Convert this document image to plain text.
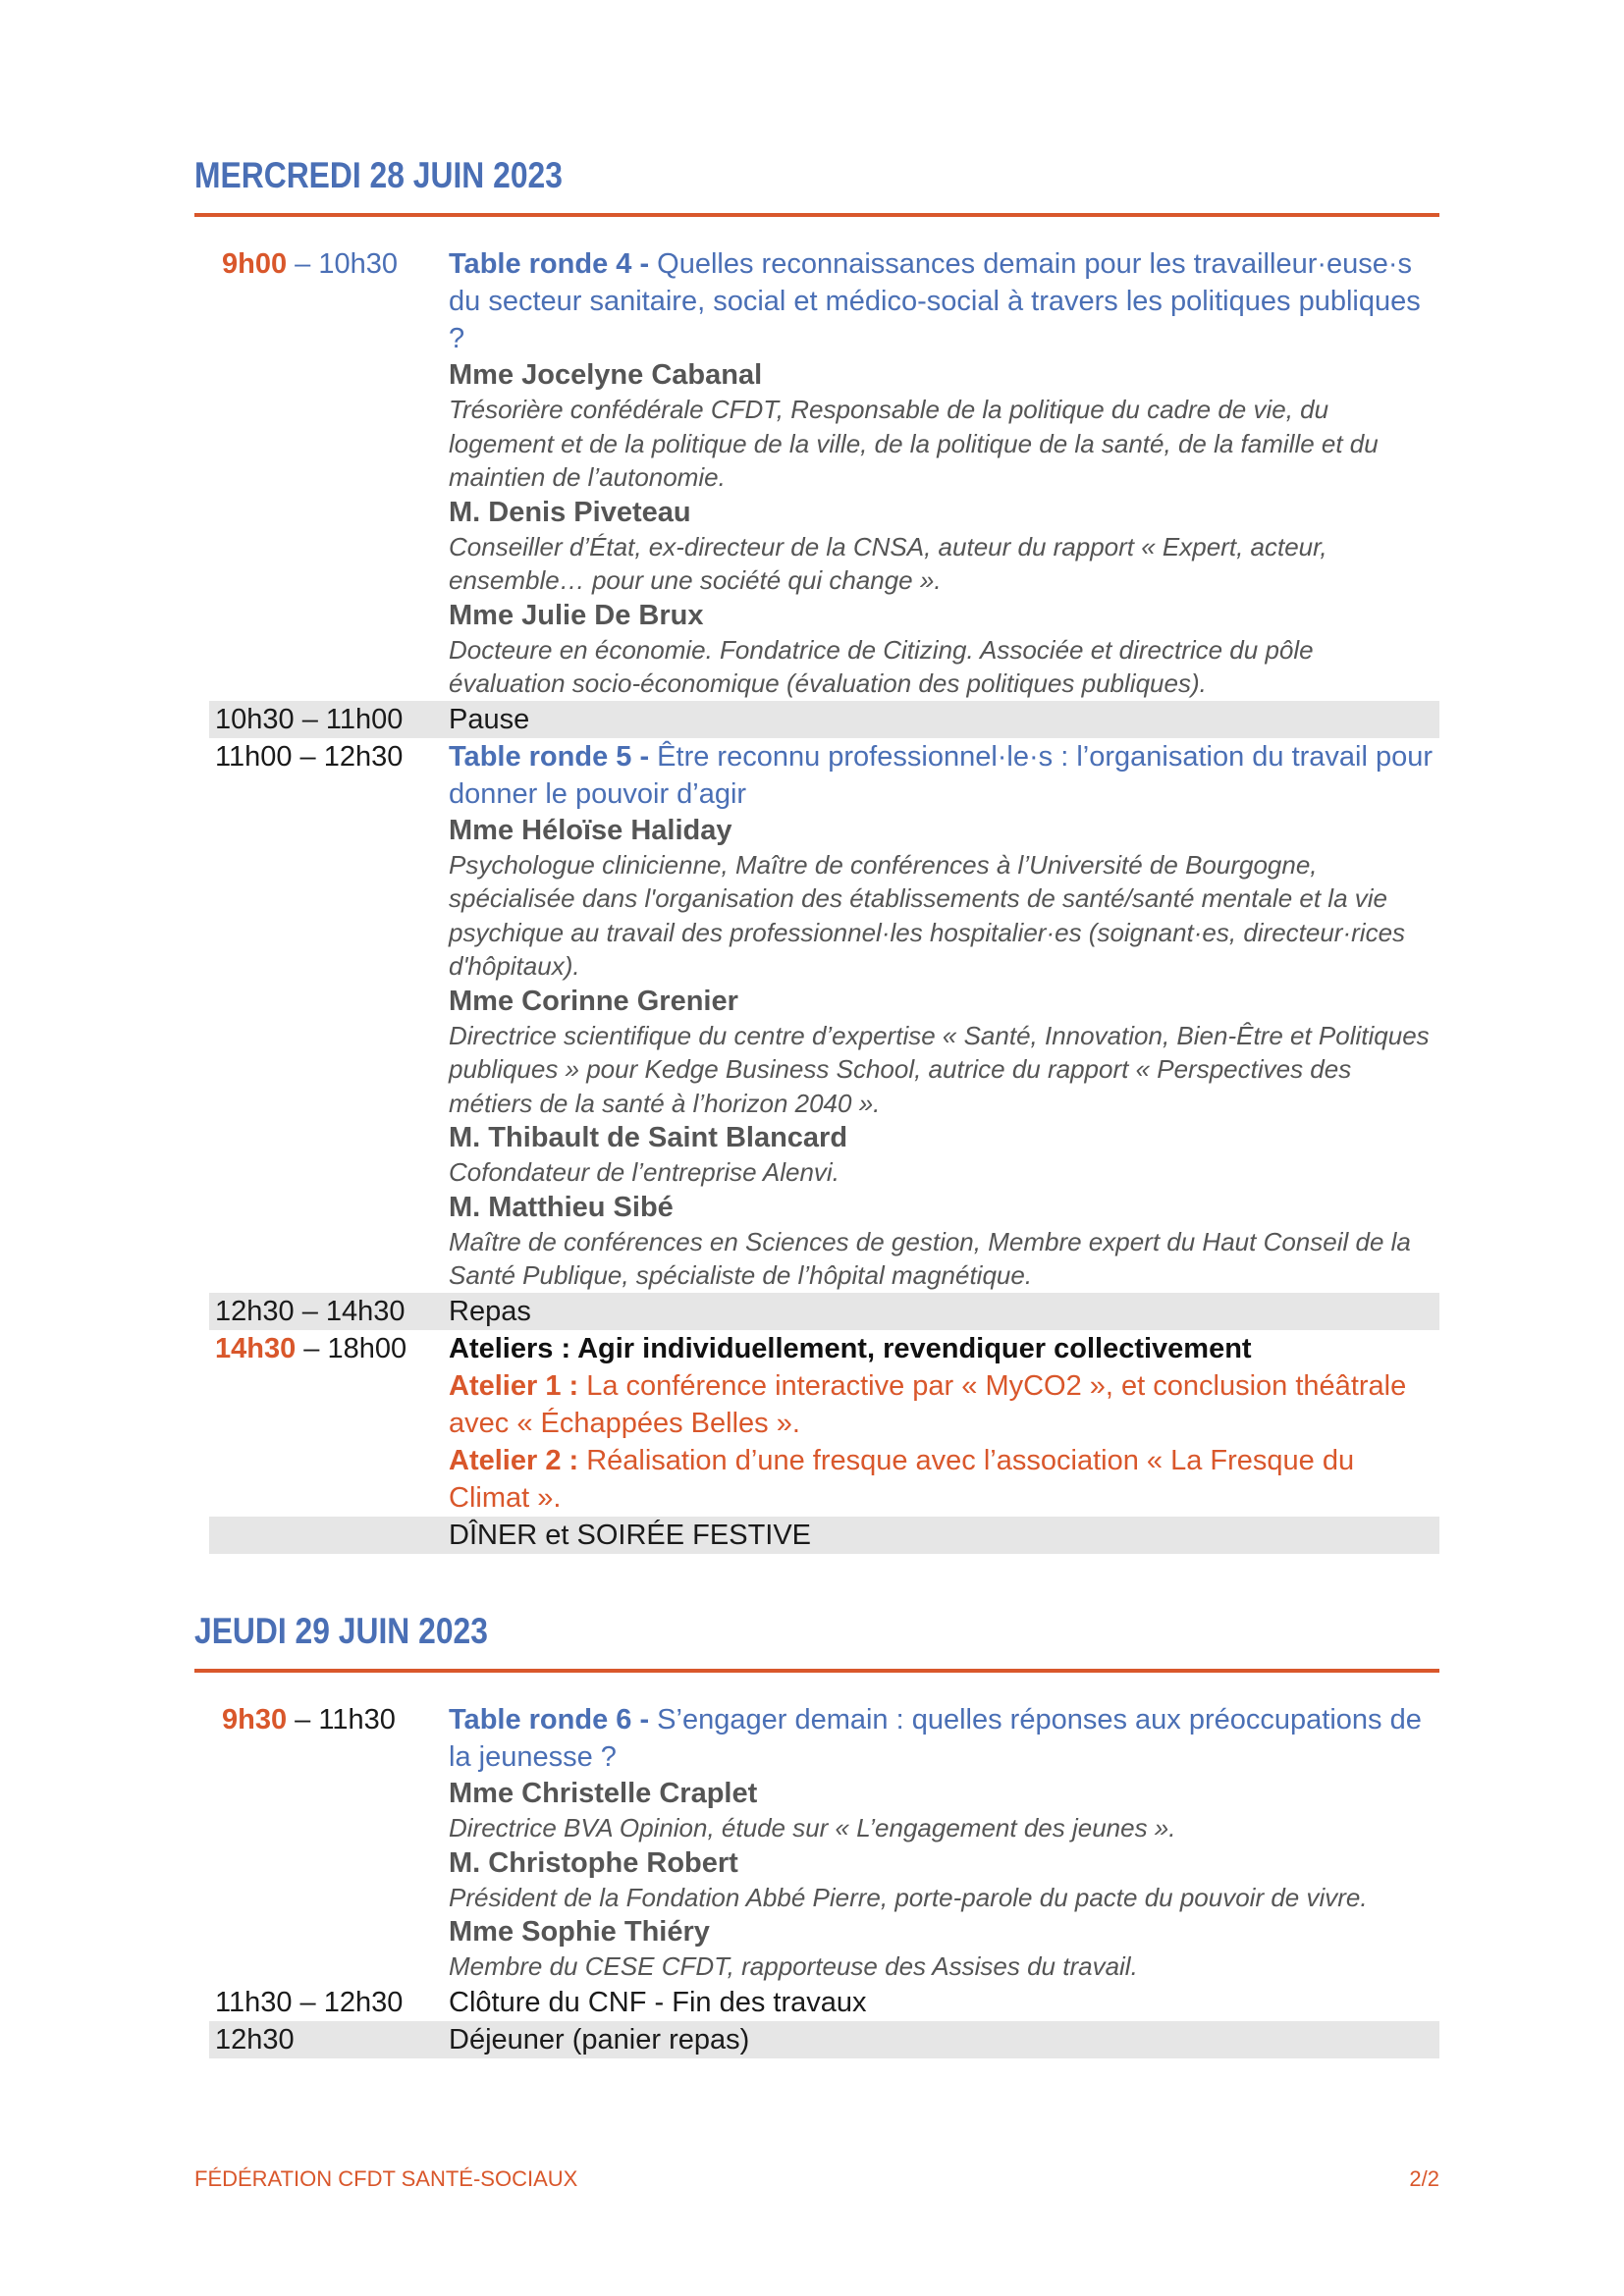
MERCREDI 28 JUIN 2023
9h00 – 10h30	Table ronde 4 - Quelles reconnaissances demain pour les travailleur·euse·s du secteur sanitaire, social et médico-social à travers les politiques publiques ?
Mme Jocelyne Cabanal
Trésorière confédérale CFDT, Responsable de la politique du cadre de vie, du logement et de la politique de la ville, de la politique de la santé, de la famille et du maintien de l’autonomie.
M. Denis Piveteau
Conseiller d’État, ex-directeur de la CNSA, auteur du rapport « Expert, acteur, ensemble… pour une société qui change ».
Mme Julie De Brux
Docteure en économie. Fondatrice de Citizing. Associée et directrice du pôle évaluation socio-économique (évaluation des politiques publiques).
10h30 – 11h00	Pause
11h00 – 12h30	Table ronde 5 - Être reconnu professionnel·le·s : l’organisation du travail pour donner le pouvoir d’agir
Mme Héloïse Haliday
Psychologue clinicienne, Maître de conférences à l’Université de Bourgogne, spécialisée dans l'organisation des établissements de santé/santé mentale et la vie psychique au travail des professionnel·les hospitalier·es (soignant·es, directeur·rices d'hôpitaux).
Mme Corinne Grenier
Directrice scientifique du centre d’expertise « Santé, Innovation, Bien-Être et Politiques publiques » pour Kedge Business School, autrice du rapport « Perspectives des métiers de la santé à l’horizon 2040 ».
M. Thibault de Saint Blancard
Cofondateur de l’entreprise Alenvi.
M. Matthieu Sibé
Maître de conférences en Sciences de gestion, Membre expert du Haut Conseil de la Santé Publique, spécialiste de l’hôpital magnétique.
12h30 – 14h30	Repas
14h30 – 18h00	Ateliers : Agir individuellement, revendiquer collectivement
Atelier 1 : La conférence interactive par « MyCO2 », et conclusion théâtrale avec « Échappées Belles ».
Atelier 2 : Réalisation d’une fresque avec l’association « La Fresque du Climat ».
DÎNER et SOIRÉE FESTIVE
JEUDI 29 JUIN 2023
9h30 – 11h30	Table ronde 6 - S’engager demain : quelles réponses aux préoccupations de la jeunesse ?
Mme Christelle Craplet
Directrice BVA Opinion, étude sur « L’engagement des jeunes ».
M. Christophe Robert
Président de la Fondation Abbé Pierre, porte-parole du pacte du pouvoir de vivre.
Mme Sophie Thiéry
Membre du CESE CFDT, rapporteuse des Assises du travail.
11h30 – 12h30	Clôture du CNF - Fin des travaux
12h30	Déjeuner (panier repas)
FÉDÉRATION CFDT SANTÉ-SOCIAUX	2/2
